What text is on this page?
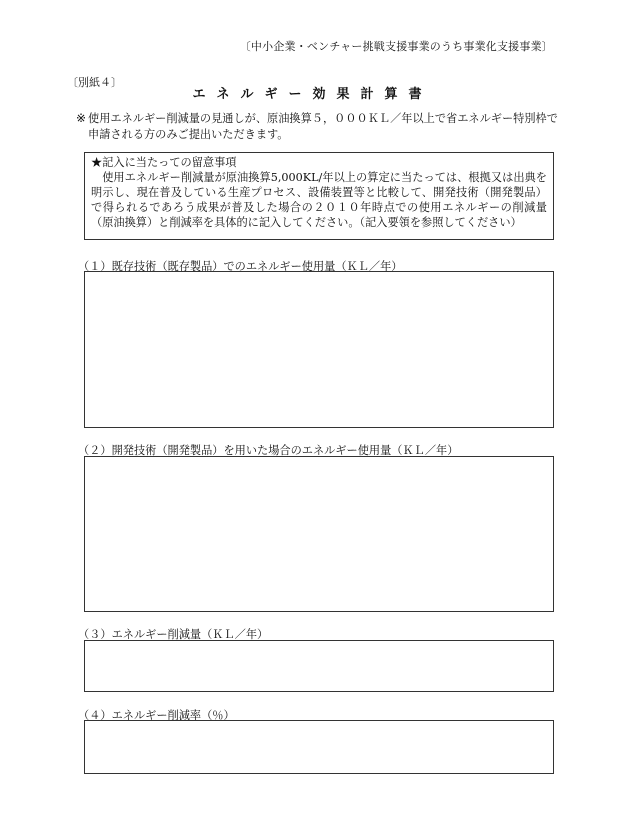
〔中小企業・ベンチャー挑戦支援事業のうち事業化支援事業〕
〔別紙４〕
エネルギー効果計算書
※ 使用エネルギー削減量の見通しが、原油換算５，０００ＫＬ／年以上で省エネルギー特別枠で申請される方のみご提出いただきます。
★記入に当たっての留意事項
使用エネルギー削減量が原油換算5,000KL/年以上の算定に当たっては、根拠又は出典を明示し、現在普及している生産プロセス、設備装置等と比較して、開発技術（開発製品）で得られるであろう成果が普及した場合の２０１０年時点での使用エネルギーの削減量（原油換算）と削減率を具体的に記入してください。（記入要領を参照してください）
（１）既存技術（既存製品）でのエネルギー使用量（ＫＬ／年）
（２）開発技術（開発製品）を用いた場合のエネルギー使用量（ＫＬ／年）
（３）エネルギー削減量（ＫＬ／年）
（４）エネルギー削減率（％）
